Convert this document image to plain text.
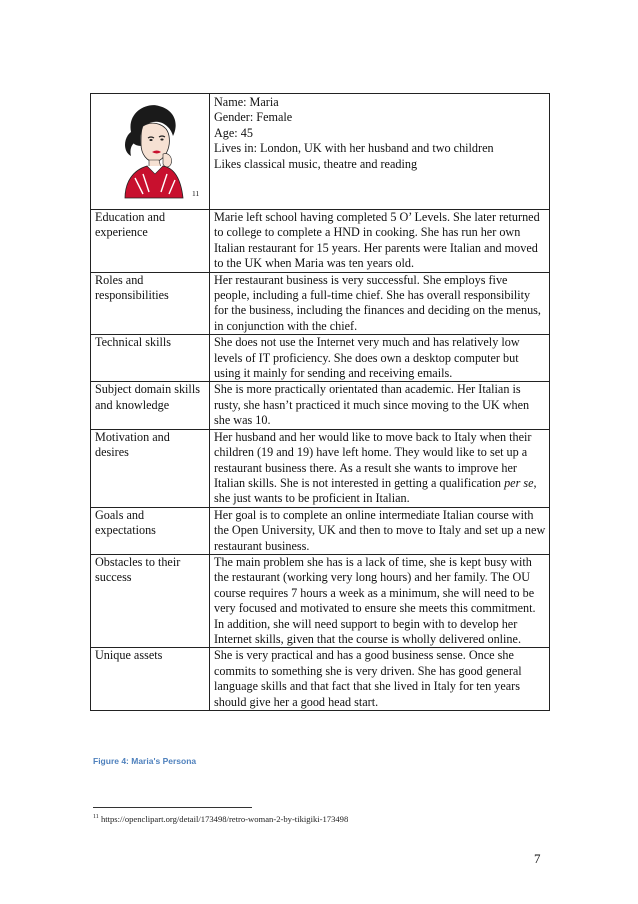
11	Name: Maria
Gender: Female
Age: 45
Lives in: London, UK with her husband and two children
Likes classical music, theatre and reading

Education and experience	Marie left school having completed 5 O’ Levels. She later returned to college to complete a HND in cooking. She has run her own Italian restaurant for 15 years. Her parents were Italian and moved to the UK when Maria was ten years old.
Roles and responsibilities	Her restaurant business is very successful. She employs five people, including a full-time chief. She has overall responsibility for the business, including the finances and deciding on the menus, in conjunction with the chief.
Technical skills	She does not use the Internet very much and has relatively low levels of IT proficiency. She does own a desktop computer but using it mainly for sending and receiving emails.
Subject domain skills and knowledge	She is more practically orientated than academic. Her Italian is rusty, she hasn’t practiced it much since moving to the UK when she was 10.
Motivation and desires	Her husband and her would like to move back to Italy when their children (19 and 19) have left home. They would like to set up a restaurant business there. As a result she wants to improve her Italian skills. She is not interested in getting a qualification per se, she just wants to be proficient in Italian.
Goals and expectations	Her goal is to complete an online intermediate Italian course with the Open University, UK and then to move to Italy and set up a new restaurant business.
Obstacles to their success	The main problem she has is a lack of time, she is kept busy with the restaurant (working very long hours) and her family. The OU course requires 7 hours a week as a minimum, she will need to be very focused and motivated to ensure she meets this commitment. In addition, she will need support to begin with to develop her Internet skills, given that the course is wholly delivered online.
Unique assets	She is very practical and has a good business sense. Once she commits to something she is very driven. She has good general language skills and that fact that she lived in Italy for ten years should give her a good head start.
Figure 4: Maria's Persona
$^{11}$ https://openclipart.org/detail/173498/retro-woman-2-by-tikigiki-173498
7
